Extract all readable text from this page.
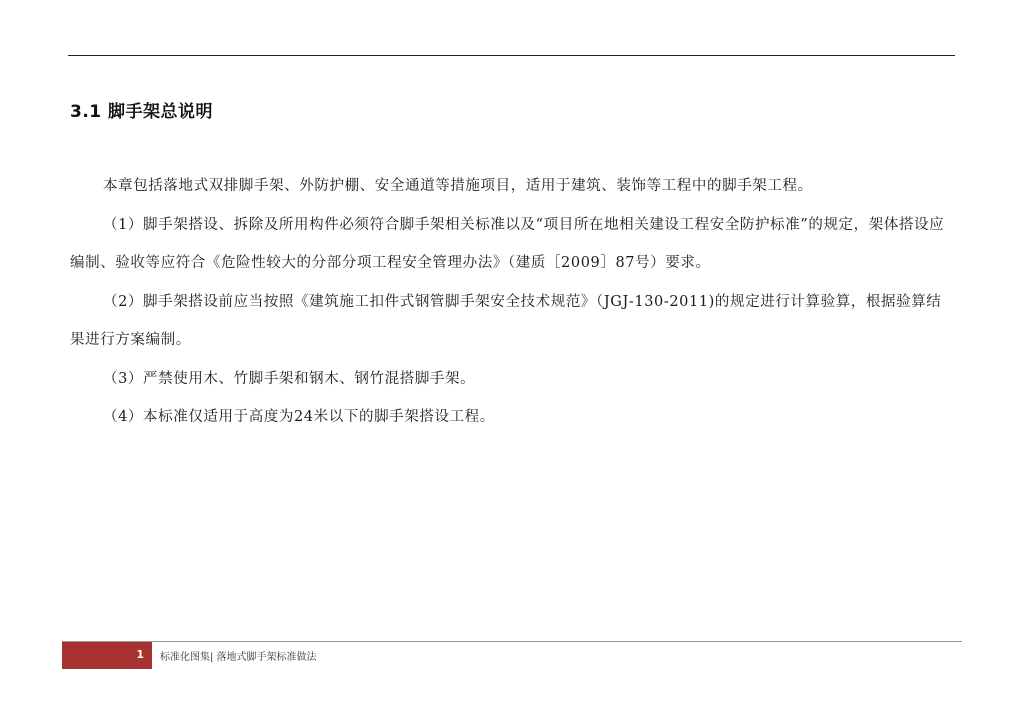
3.1 脚手架总说明

本章包括落地式双排脚手架、外防护棚、安全通道等措施项目，适用于建筑、装饰等工程中的脚手架工程。

（1）脚手架搭设、拆除及所用构件必须符合脚手架相关标准以及“项目所在地相关建设工程安全防护标准”的规定，架体搭设应编制、验收等应符合《危险性较大的分部分项工程安全管理办法》（建质［2009］87号）要求。

（2）脚手架搭设前应当按照《建筑施工扣件式钢管脚手架安全技术规范》（JGJ-130-2011)的规定进行计算验算，根据验算结果进行方案编制。

（3）严禁使用木、竹脚手架和钢木、钢竹混搭脚手架。

（4）本标准仅适用于高度为24米以下的脚手架搭设工程。

1 标准化图集| 落地式脚手架标准做法
